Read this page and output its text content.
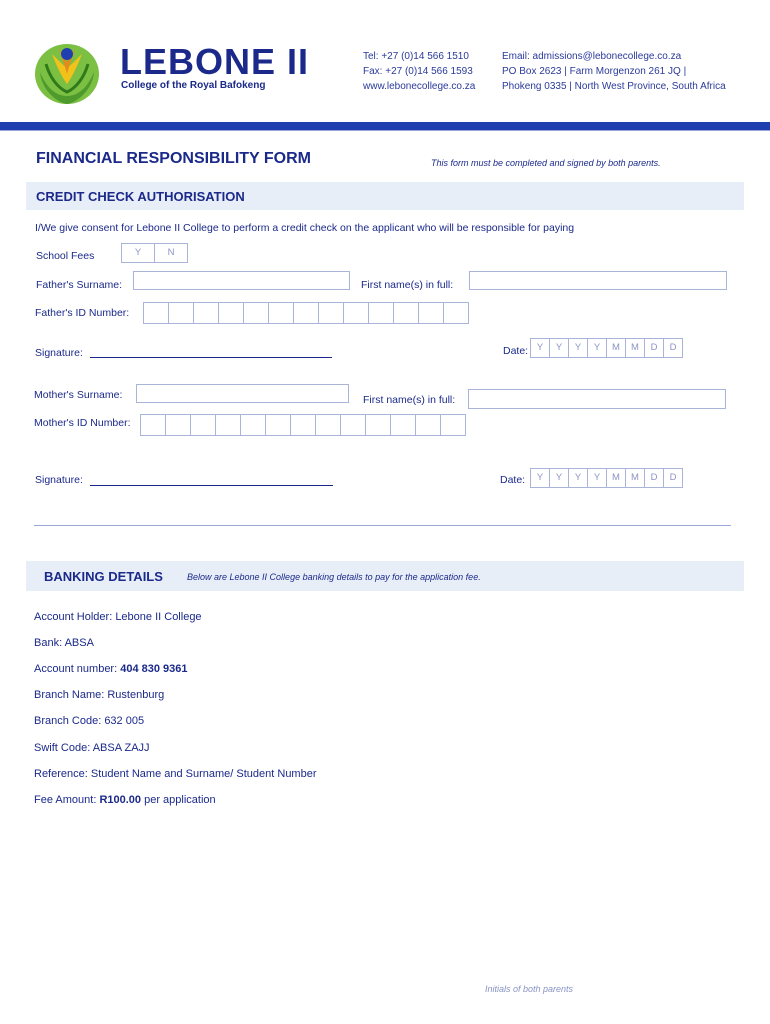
LEBONE II
College of the Royal Bafokeng
Tel: +27 (0)14 566 1510
Fax: +27 (0)14 566 1593
www.lebonecollege.co.za
Email: admissions@lebonecollege.co.za
PO Box 2623 | Farm Morgenzon 261 JQ |
Phokeng 0335 | North West Province, South Africa
FINANCIAL RESPONSIBILITY FORM	This form must be completed and signed by both parents.
CREDIT CHECK AUTHORISATION
I/We give consent for Lebone II College to perform a credit check on the applicant who will be responsible for paying
School Fees	Y	N
Father's Surname:	First name(s) in full:
Father's ID Number:
Signature:	Date: Y	Y	Y	Y	M	M	D	D
Mother's Surname:	First name(s) in full:
Mother's ID Number:
Signature:	Date:	Y	Y	Y	Y	M	M	D	D
BANKING DETAILS	Below are Lebone II College banking details to pay for the application fee.
Account Holder: Lebone II College
Bank: ABSA
Account number: 404 830 9361
Branch Name: Rustenburg
Branch Code: 632 005
Swift Code: ABSA ZAJJ
Reference: Student Name and Surname/ Student Number
Fee Amount: R100.00 per application
Initials of both parents
